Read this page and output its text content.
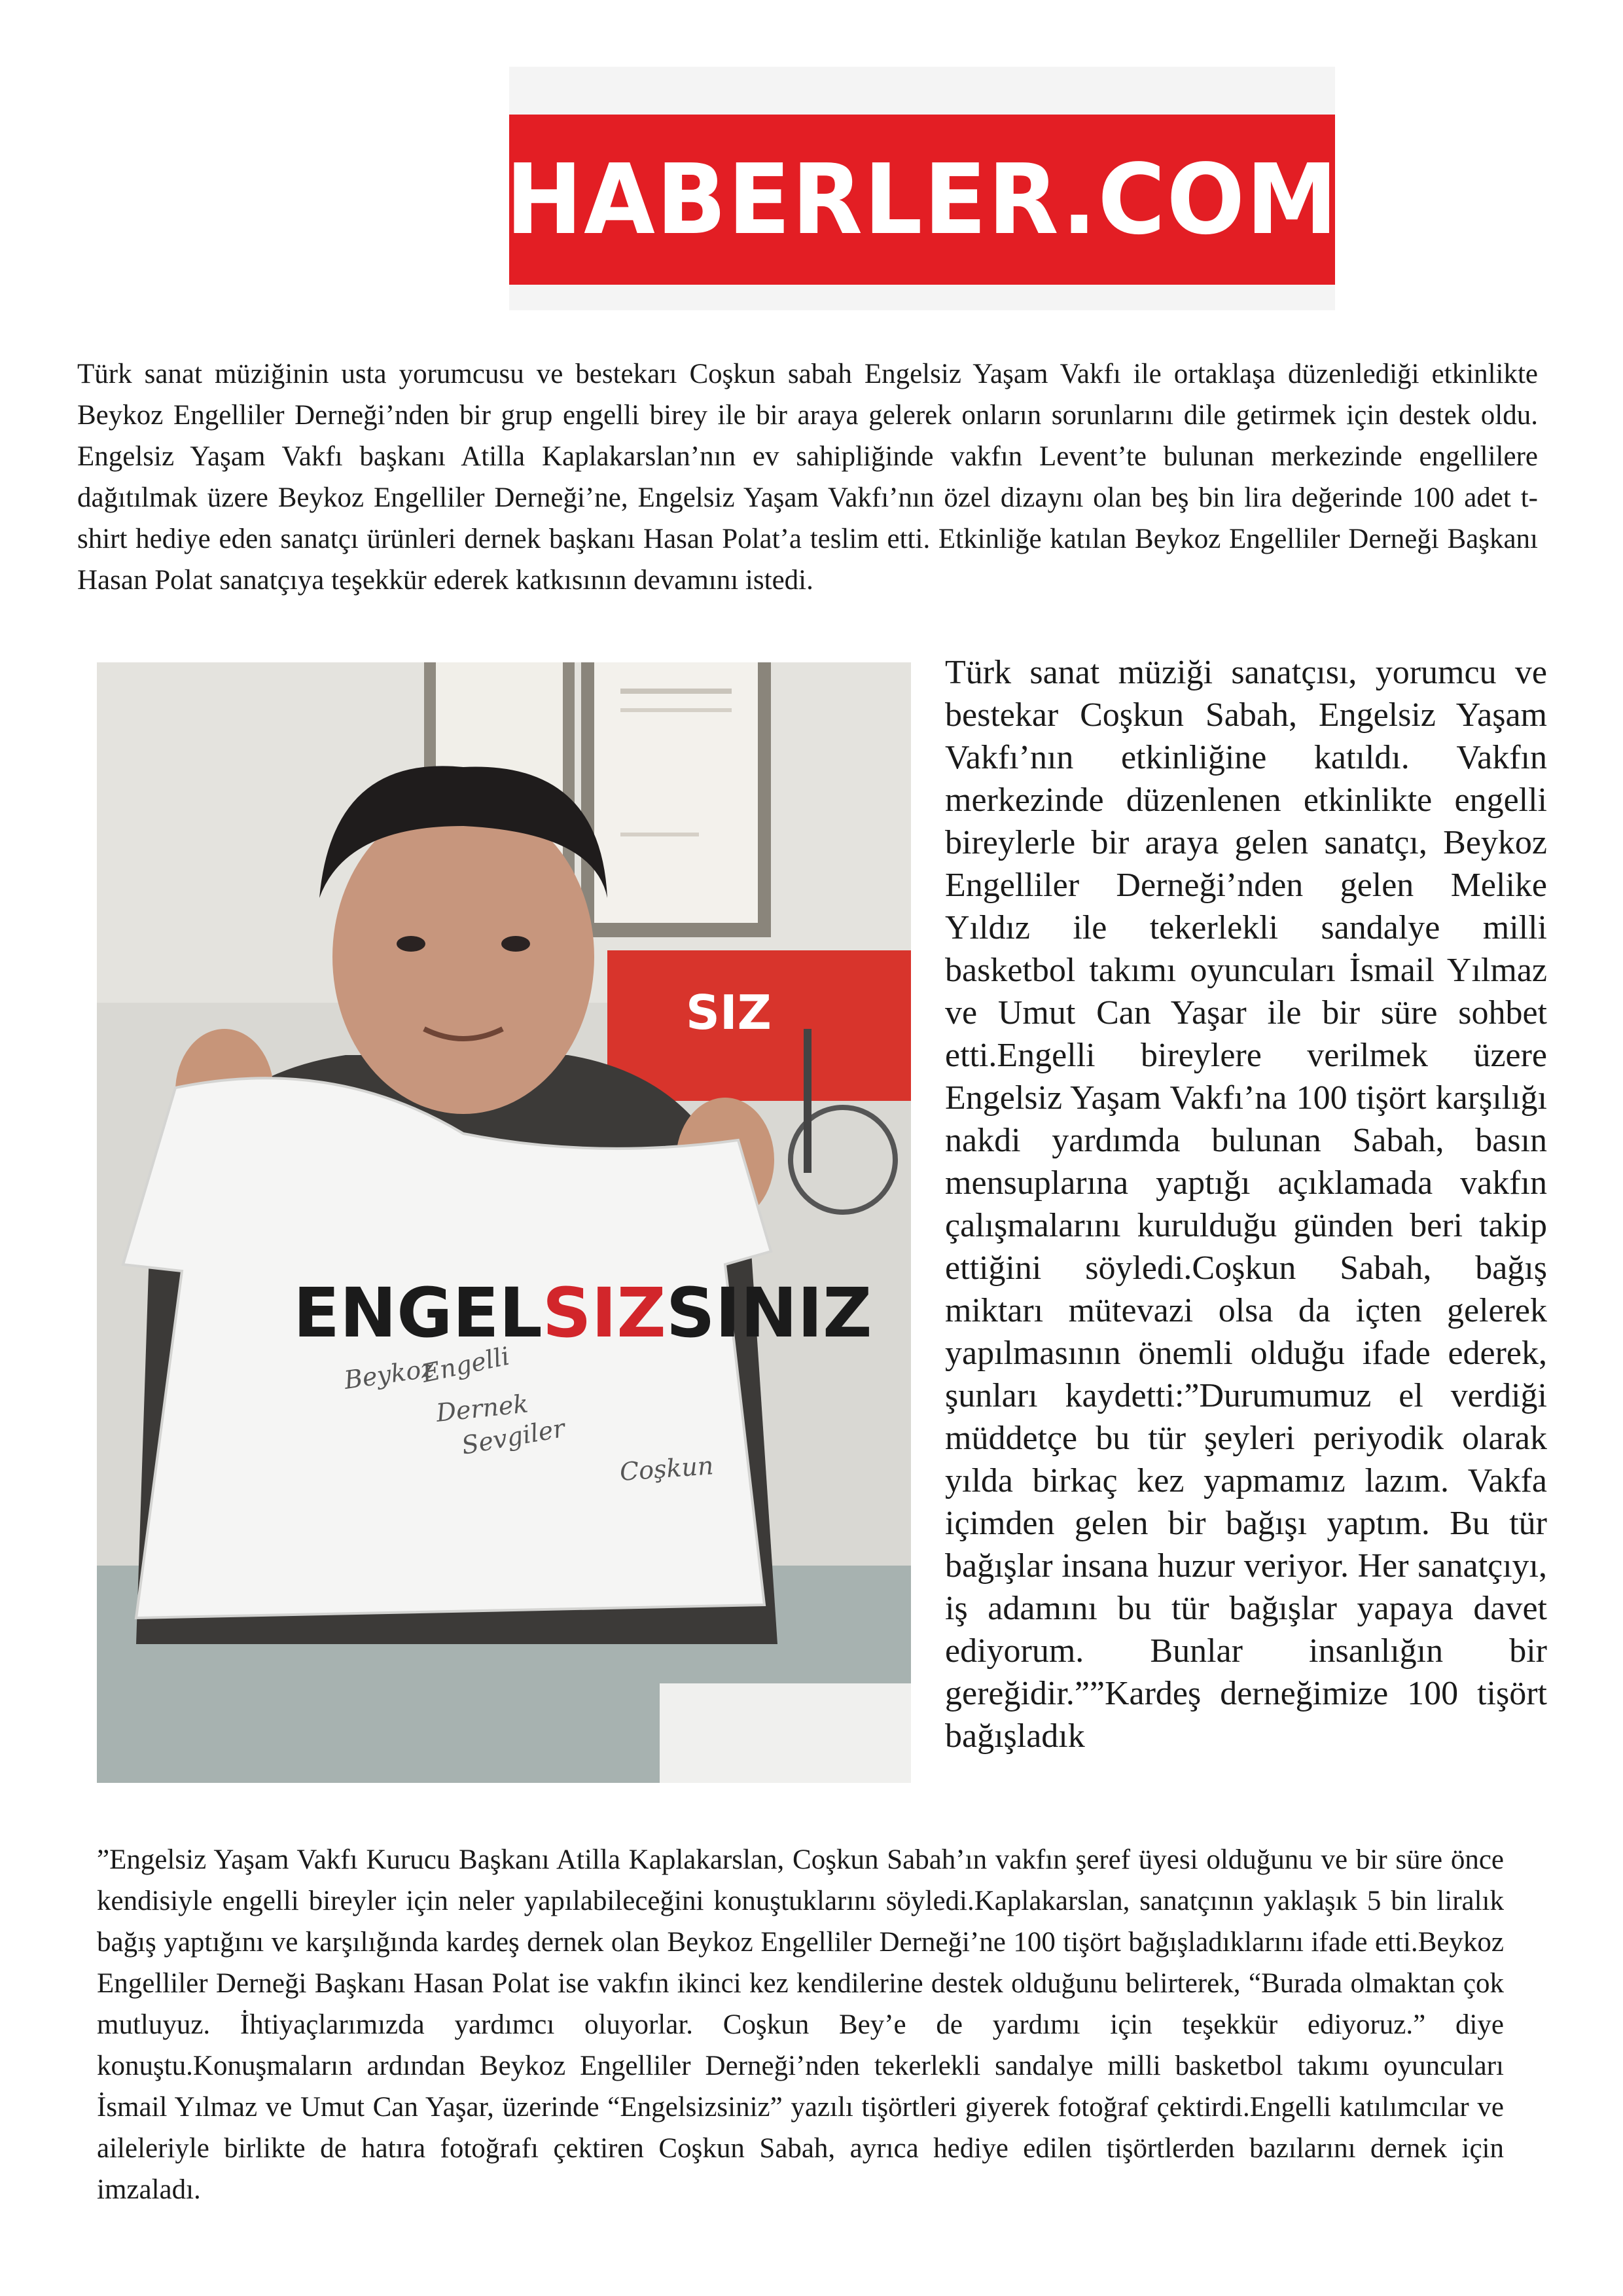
HABERLER.COM

Türk sanat müziğinin usta yorumcusu ve bestekarı Coşkun sabah Engelsiz Yaşam Vakfı ile ortaklaşa düzenlediği etkinlikte Beykoz Engelliler Derneği’nden bir grup engelli birey ile bir araya gelerek onların sorunlarını dile getirmek için destek oldu. Engelsiz Yaşam Vakfı başkanı Atilla Kaplakarslan’nın ev sahipliğinde vakfın Levent’te bulunan merkezinde engellilere dağıtılmak üzere Beykoz Engelliler Derneği’ne, Engelsiz Yaşam Vakfı’nın özel dizaynı olan beş bin lira değerinde 100 adet t-shirt hediye eden sanatçı ürünleri dernek başkanı Hasan Polat’a teslim etti. Etkinliğe katılan Beykoz Engelliler Derneği Başkanı Hasan Polat sanatçıya teşekkür ederek katkısının devamını istedi.

SIZ
ENGELSIZSINIZ
Beykoz
Engelli
Dernek
Sevgiler
Coşkun

Türk sanat müziği sanatçısı, yorumcu ve bestekar Coşkun Sabah, Engelsiz Yaşam Vakfı’nın etkinliğine katıldı. Vakfın merkezinde düzenlenen etkinlikte engelli bireylerle bir araya gelen sanatçı, Beykoz Engelliler Derneği’nden gelen Melike Yıldız ile tekerlekli sandalye milli basketbol takımı oyuncuları İsmail Yılmaz ve Umut Can Yaşar ile bir süre sohbet etti.Engelli bireylere verilmek üzere Engelsiz Yaşam Vakfı’na 100 tişört karşılığı nakdi yardımda bulunan Sabah, basın mensuplarına yaptığı açıklamada vakfın çalışmalarını kurulduğu günden beri takip ettiğini söyledi.Coşkun Sabah, bağış miktarı mütevazi olsa da içten gelerek yapılmasının önemli olduğu ifade ederek, şunları kaydetti:”Durumumuz el verdiği müddetçe bu tür şeyleri periyodik olarak yılda birkaç kez yapmamız lazım. Vakfa içimden gelen bir bağışı yaptım. Bu tür bağışlar insana huzur veriyor. Her sanatçıyı, iş adamını bu tür bağışlar yapaya davet ediyorum. Bunlar insanlığın bir gereğidir.””Kardeş derneğimize 100 tişört bağışladık

”Engelsiz Yaşam Vakfı Kurucu Başkanı Atilla Kaplakarslan, Coşkun Sabah’ın vakfın şeref üyesi olduğunu ve bir süre önce kendisiyle engelli bireyler için neler yapılabileceğini konuştuklarını söyledi.Kaplakarslan, sanatçının yaklaşık 5 bin liralık bağış yaptığını ve karşılığında kardeş dernek olan Beykoz Engelliler Derneği’ne 100 tişört bağışladıklarını ifade etti.Beykoz Engelliler Derneği Başkanı Hasan Polat ise vakfın ikinci kez kendilerine destek olduğunu belirterek, “Burada olmaktan çok mutluyuz. İhtiyaçlarımızda yardımcı oluyorlar. Coşkun Bey’e de yardımı için teşekkür ediyoruz.” diye konuştu.Konuşmaların ardından Beykoz Engelliler Derneği’nden tekerlekli sandalye milli basketbol takımı oyuncuları İsmail Yılmaz ve Umut Can Yaşar, üzerinde “Engelsizsiniz” yazılı tişörtleri giyerek fotoğraf çektirdi.Engelli katılımcılar ve aileleriyle birlikte de hatıra fotoğrafı çektiren Coşkun Sabah, ayrıca hediye edilen tişörtlerden bazılarını dernek için imzaladı.
